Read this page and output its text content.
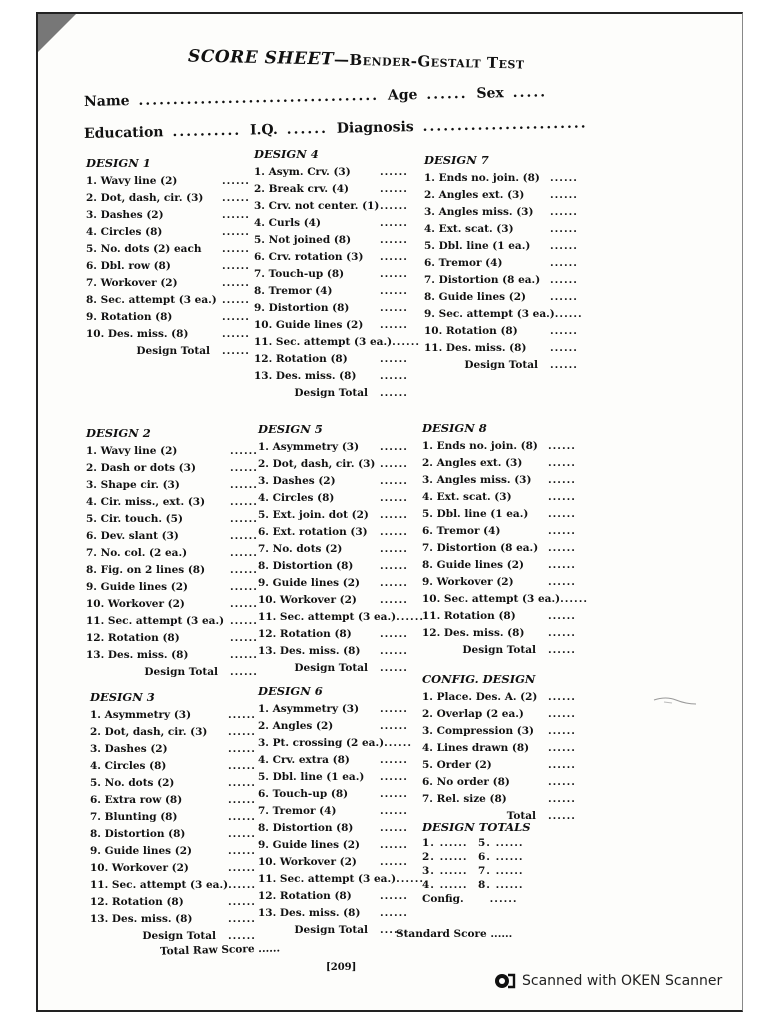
SCORE SHEET—Bender-Gestalt Test
Name ................................... Age ...... Sex .....
Education .......... I.Q. ...... Diagnosis ........................
DESIGN 1
1. Wavy line (2)	......
2. Dot, dash, cir. (3)	......
3. Dashes (2)	......
4. Circles (8)	......
5. No. dots (2) each	......
6. Dbl. row (8)	......
7. Workover (2)	......
8. Sec. attempt (3 ea.) ......
9. Rotation (8)	......
10. Des. miss. (8)	......
Design Total	......
DESIGN 4
1. Asym. Crv. (3)	......
2. Break crv. (4)	......
3. Crv. not center. (1) ......
4. Curls (4)	......
5. Not joined (8)	......
6. Crv. rotation (3)	......
7. Touch-up (8)	......
8. Tremor (4)	......
9. Distortion (8)	......
10. Guide lines (2)	......
11. Sec. attempt (3 ea.) ......
12. Rotation (8)	......
13. Des. miss. (8)	......
Design Total	......
DESIGN 7
1. Ends no. join. (8) ......
2. Angles ext. (3)	......
3. Angles miss. (3)	......
4. Ext. scat. (3)	......
5. Dbl. line (1 ea.)	......
6. Tremor (4)	......
7. Distortion (8 ea.) ......
8. Guide lines (2)	......
9. Sec. attempt (3 ea.) ......
10. Rotation (8)	......
11. Des. miss. (8)	......
Design Total	......
DESIGN 2
1. Wavy line (2)	......
2. Dash or dots (3)	......
3. Shape cir. (3)	......
4. Cir. miss., ext. (3)	......
5. Cir. touch. (5)	......
6. Dev. slant (3)	......
7. No. col. (2 ea.)	......
8. Fig. on 2 lines (8)	......
9. Guide lines (2)	......
10. Workover (2)	......
11. Sec. attempt (3 ea.) ......
12. Rotation (8)	......
13. Des. miss. (8)	......
Design Total	......
DESIGN 5
1. Asymmetry (3)	......
2. Dot, dash, cir. (3) ......
3. Dashes (2)	......
4. Circles (8)	......
5. Ext. join. dot (2)	......
6. Ext. rotation (3)	......
7. No. dots (2)	......
8. Distortion (8)	......
9. Guide lines (2)	......
10. Workover (2)	......
11. Sec. attempt (3 ea.) ......
12. Rotation (8)	......
13. Des. miss. (8)	......
Design Total	......
DESIGN 8
1. Ends no. join. (8) ......
2. Angles ext. (3)	......
3. Angles miss. (3)	......
4. Ext. scat. (3)	......
5. Dbl. line (1 ea.)	......
6. Tremor (4)	......
7. Distortion (8 ea.) ......
8. Guide lines (2)	......
9. Workover (2)	......
10. Sec. attempt (3 ea.) ......
11. Rotation (8)	......
12. Des. miss. (8)	......
Design Total	......
DESIGN 3
1. Asymmetry (3)	......
2. Dot, dash, cir. (3)	......
3. Dashes (2)	......
4. Circles (8)	......
5. No. dots (2)	......
6. Extra row (8)	......
7. Blunting (8)	......
8. Distortion (8)	......
9. Guide lines (2)	......
10. Workover (2)	......
11. Sec. attempt (3 ea.) ......
12. Rotation (8)	......
13. Des. miss. (8)	......
Design Total	......
DESIGN 6
1. Asymmetry (3)	......
2. Angles (2)	......
3. Pt. crossing (2 ea.) ......
4. Crv. extra (8)	......
5. Dbl. line (1 ea.)	......
6. Touch-up (8)	......
7. Tremor (4)	......
8. Distortion (8)	......
9. Guide lines (2)	......
10. Workover (2)	......
11. Sec. attempt (3 ea.) ......
12. Rotation (8)	......
13. Des. miss. (8)	......
Design Total	......
CONFIG. DESIGN
1. Place. Des. A. (2)	......
2. Overlap (2 ea.)	......
3. Compression (3)	......
4. Lines drawn (8)	......
5. Order (2)	......
6. No order (8)	......
7. Rel. size (8)	......
Total	......
DESIGN TOTALS
1. ...... 5. ......
2. ...... 6. ......
3. ...... 7. ......
4. ...... 8. ......
Config. ......
Total Raw Score ......
Standard Score ......
[209]
Scanned with OKEN Scanner
